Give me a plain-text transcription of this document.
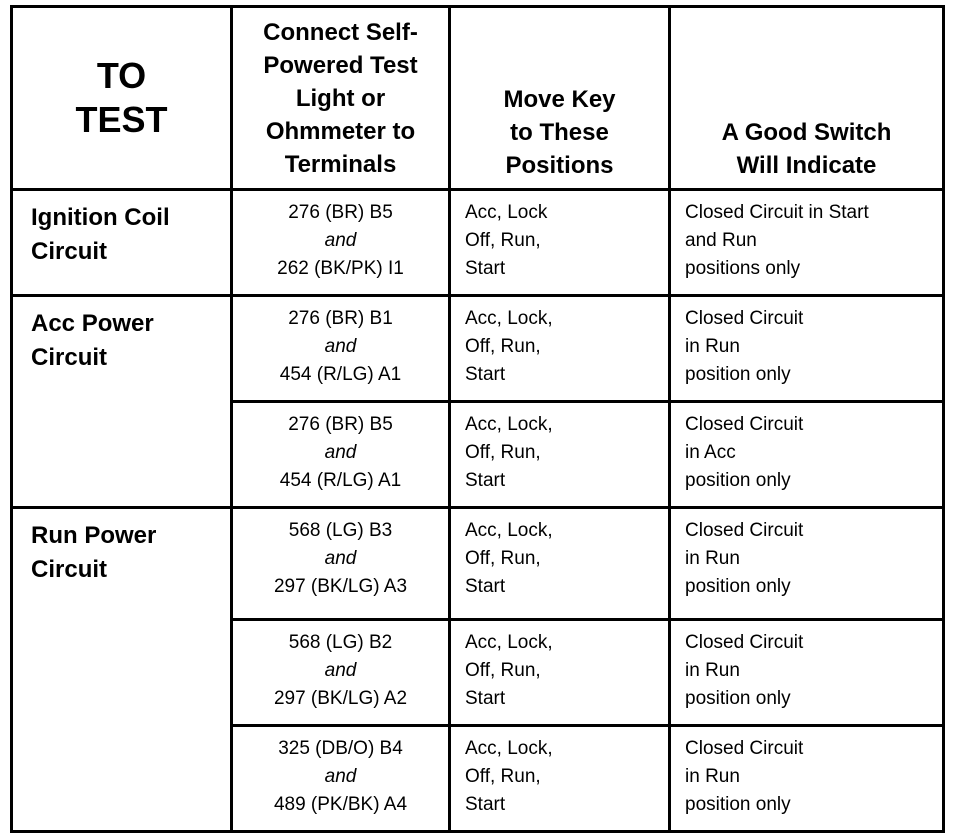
TO
TEST	Connect Self-
Powered Test
Light or
Ohmmeter to
Terminals	Move Key
to These
Positions	A Good Switch
Will Indicate

Ignition Coil
Circuit	276 (BR) B5
and
262 (BK/PK) I1	Acc, Lock
Off, Run,
Start	Closed Circuit in Start
and Run
positions only

Acc Power
Circuit	276 (BR) B1
and
454 (R/LG) A1	Acc, Lock,
Off, Run,
Start	Closed Circuit
in Run
position only

	276 (BR) B5
and
454 (R/LG) A1	Acc, Lock,
Off, Run,
Start	Closed Circuit
in Acc
position only

Run Power
Circuit	568 (LG) B3
and
297 (BK/LG) A3	Acc, Lock,
Off, Run,
Start	Closed Circuit
in Run
position only

	568 (LG) B2
and
297 (BK/LG) A2	Acc, Lock,
Off, Run,
Start	Closed Circuit
in Run
position only

	325 (DB/O) B4
and
489 (PK/BK) A4	Acc, Lock,
Off, Run,
Start	Closed Circuit
in Run
position only
